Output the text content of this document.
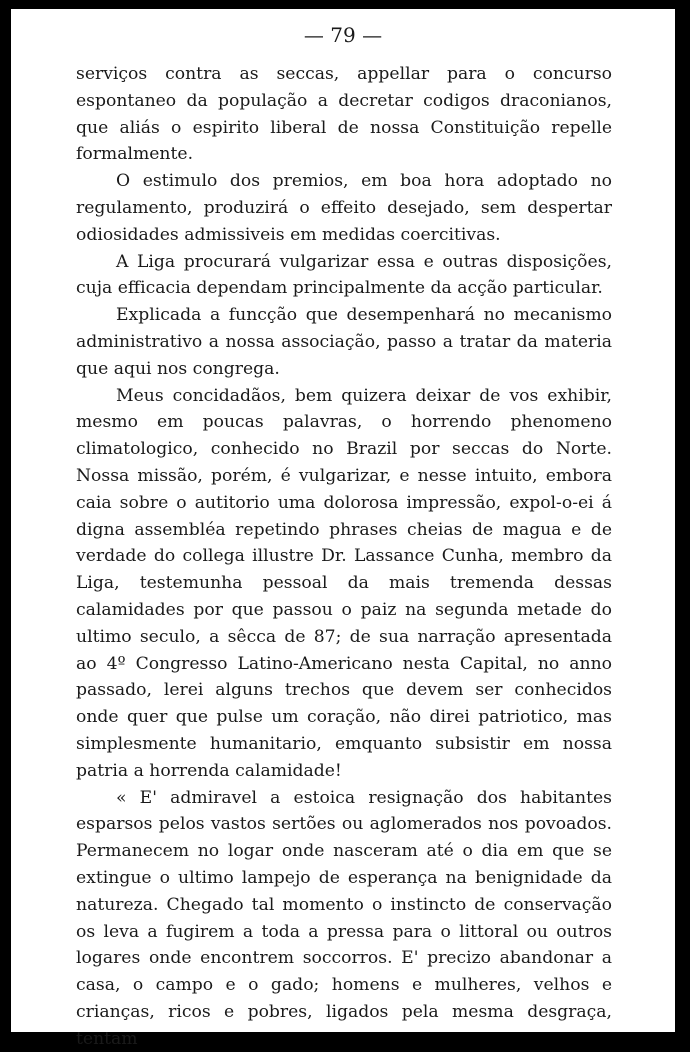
— 79 —

serviços contra as seccas, appellar para o concurso espontaneo da população a decretar codigos draconianos, que aliás o espirito liberal de nossa Constituição repelle formalmente.

O estimulo dos premios, em boa hora adoptado no regulamento, produzirá o effeito desejado, sem despertar odiosidades admissiveis em medidas coercitivas.

A Liga procurará vulgarizar essa e outras disposições, cuja efficacia dependam principalmente da acção particular.

Explicada a funcção que desempenhará no mecanismo administrativo a nossa associação, passo a tratar da materia que aqui nos congrega.

Meus concidadãos, bem quizera deixar de vos exhibir, mesmo em poucas palavras, o horrendo phenomeno climatologico, conhecido no Brazil por seccas do Norte. Nossa missão, porém, é vulgarizar, e nesse intuito, embora caia sobre o autitorio uma dolorosa impressão, expol-o-ei á digna assembléa repetindo phrases cheias de magua e de verdade do collega illustre Dr. Lassance Cunha, membro da Liga, testemunha pessoal da mais tremenda dessas calamidades por que passou o paiz na segunda metade do ultimo seculo, a sêcca de 87; de sua narração apresentada ao 4º Congresso Latino-Americano nesta Capital, no anno passado, lerei alguns trechos que devem ser conhecidos onde quer que pulse um coração, não direi patriotico, mas simplesmente humanitario, emquanto subsistir em nossa patria a horrenda calamidade!

« E' admiravel a estoica resignação dos habitantes esparsos pelos vastos sertões ou aglomerados nos povoados. Permanecem no logar onde nasceram até o dia em que se extingue o ultimo lampejo de esperança na benignidade da natureza. Chegado tal momento o instincto de conservação os leva a fugirem a toda a pressa para o littoral ou outros logares onde encontrem soccorros. E' precizo abandonar a casa, o campo e o gado; homens e mulheres, velhos e crianças, ricos e pobres, ligados pela mesma desgraça, tentam
